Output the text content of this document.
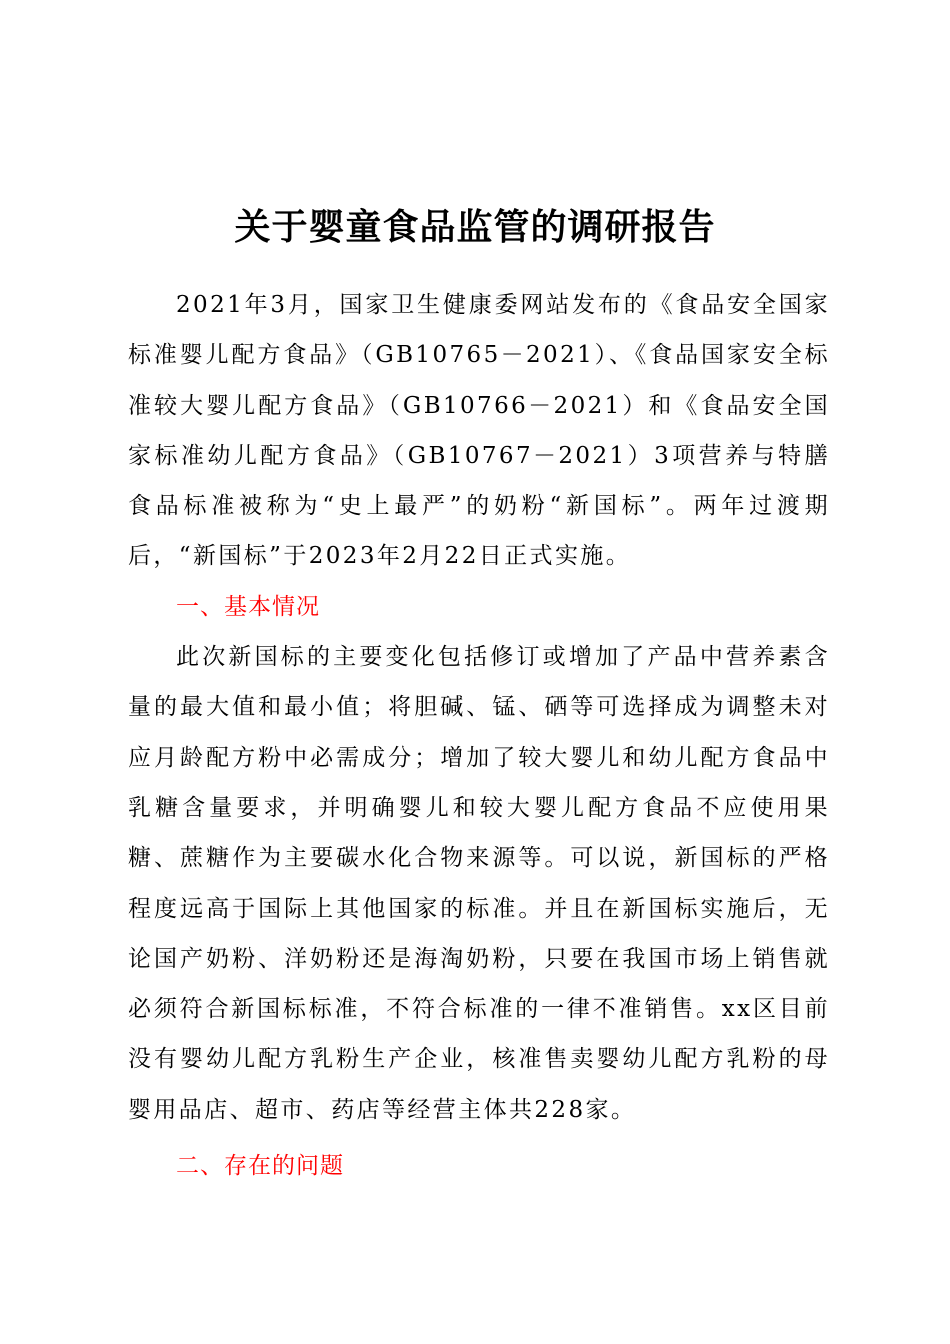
关于婴童食品监管的调研报告

2021年3月，国家卫生健康委网站发布的《食品安全国家标准婴儿配方食品》（GB10765－2021）、《食品国家安全标准较大婴儿配方食品》（GB10766－2021）和《食品安全国家标准幼儿配方食品》（GB10767－2021）3项营养与特膳食品标准被称为“史上最严”的奶粉“新国标”。两年过渡期后，“新国标”于2023年2月22日正式实施。

一、基本情况

此次新国标的主要变化包括修订或增加了产品中营养素含量的最大值和最小值；将胆碱、锰、硒等可选择成为调整未对应月龄配方粉中必需成分；增加了较大婴儿和幼儿配方食品中乳糖含量要求，并明确婴儿和较大婴儿配方食品不应使用果糖、蔗糖作为主要碳水化合物来源等。可以说，新国标的严格程度远高于国际上其他国家的标准。并且在新国标实施后，无论国产奶粉、洋奶粉还是海淘奶粉，只要在我国市场上销售就必须符合新国标标准，不符合标准的一律不准销售。xx区目前没有婴幼儿配方乳粉生产企业，核准售卖婴幼儿配方乳粉的母婴用品店、超市、药店等经营主体共228家。

二、存在的问题
